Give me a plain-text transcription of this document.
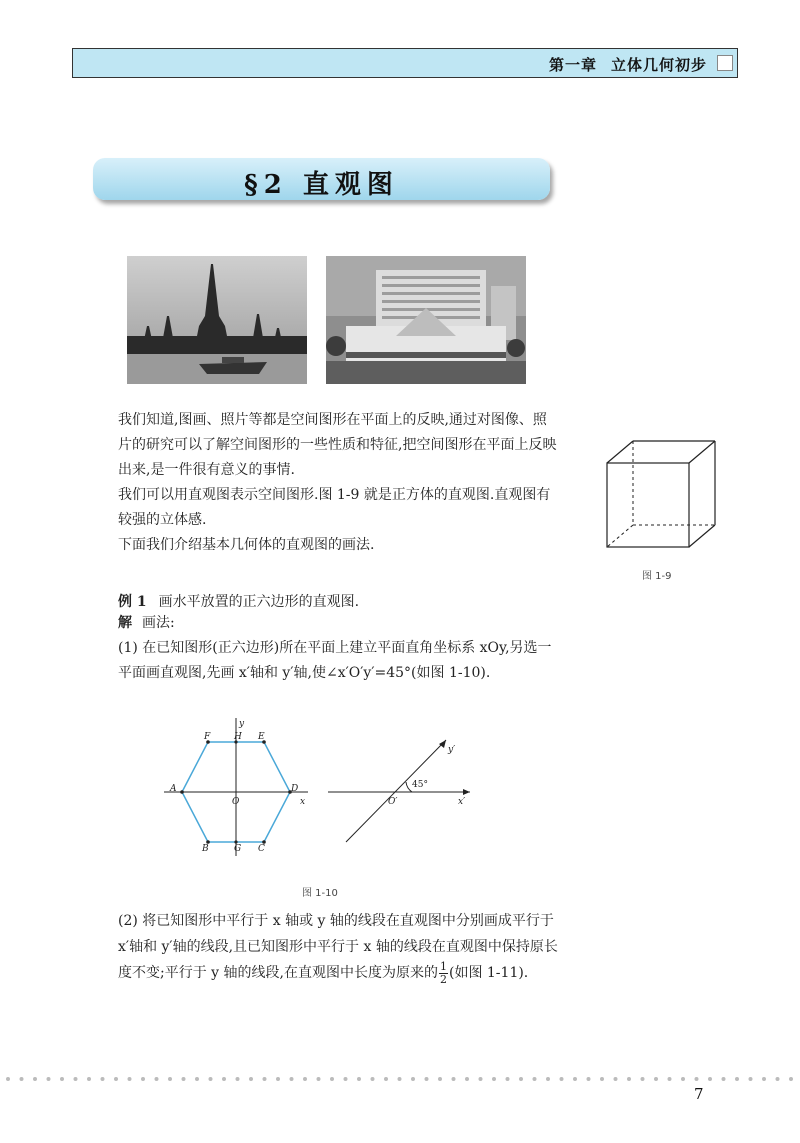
第一章 立体几何初步
§2 直观图

我们知道,图画、照片等都是空间图形在平面上的反映,通过对图像、照片的研究可以了解空间图形的一些性质和特征,把空间图形在平面上反映出来,是一件很有意义的事情.

我们可以用直观图表示空间图形.图 1-9 就是正方体的直观图.直观图有较强的立体感.

下面我们介绍基本几何体的直观图的画法.

图 1-9
例 1 画水平放置的正六边形的直观图.
解 画法:
(1) 在已知图形(正六边形)所在平面上建立平面直角坐标系 xOy,另选一平面画直观图,先画 x′轴和 y′轴,使∠x′O′y′=45°(如图 1-10).
A
B	C
D
E
F
G
H
O	x
y
45°
O′	x′
y′
图 1-10
(2) 将已知图形中平行于 x 轴或 y 轴的线段在直观图中分别画成平行于 x′轴和 y′轴的线段,且已知图形中平行于 x 轴的线段在直观图中保持原长度不变;平行于 y 轴的线段,在直观图中长度为原来的 $\frac{1}{2}$ (如图 1-11).
7
